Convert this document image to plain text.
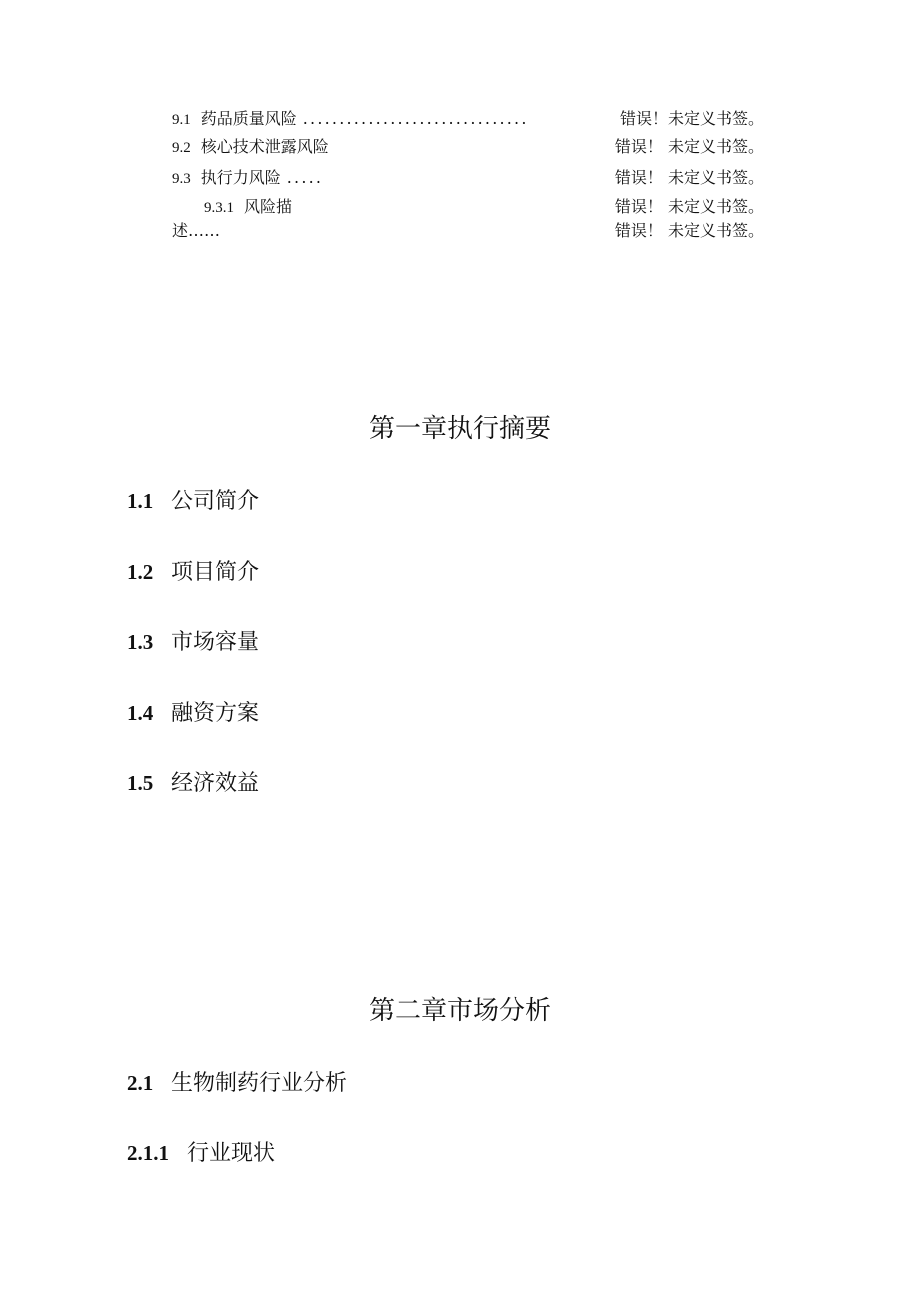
9.1 药品质量风险 ...............................	错误！未定义书签。
9.2 核心技术泄露风险	错误！ 未定义书签。
9.3 执行力风险 .....	错误！ 未定义书签。
9.3.1 风险描	错误！ 未定义书签。
述……	错误！ 未定义书签。
第一章执行摘要
1.1 公司简介
1.2 项目简介
1.3 市场容量
1.4 融资方案
1.5 经济效益
第二章市场分析
2.1 生物制药行业分析
2.1.1 行业现状
